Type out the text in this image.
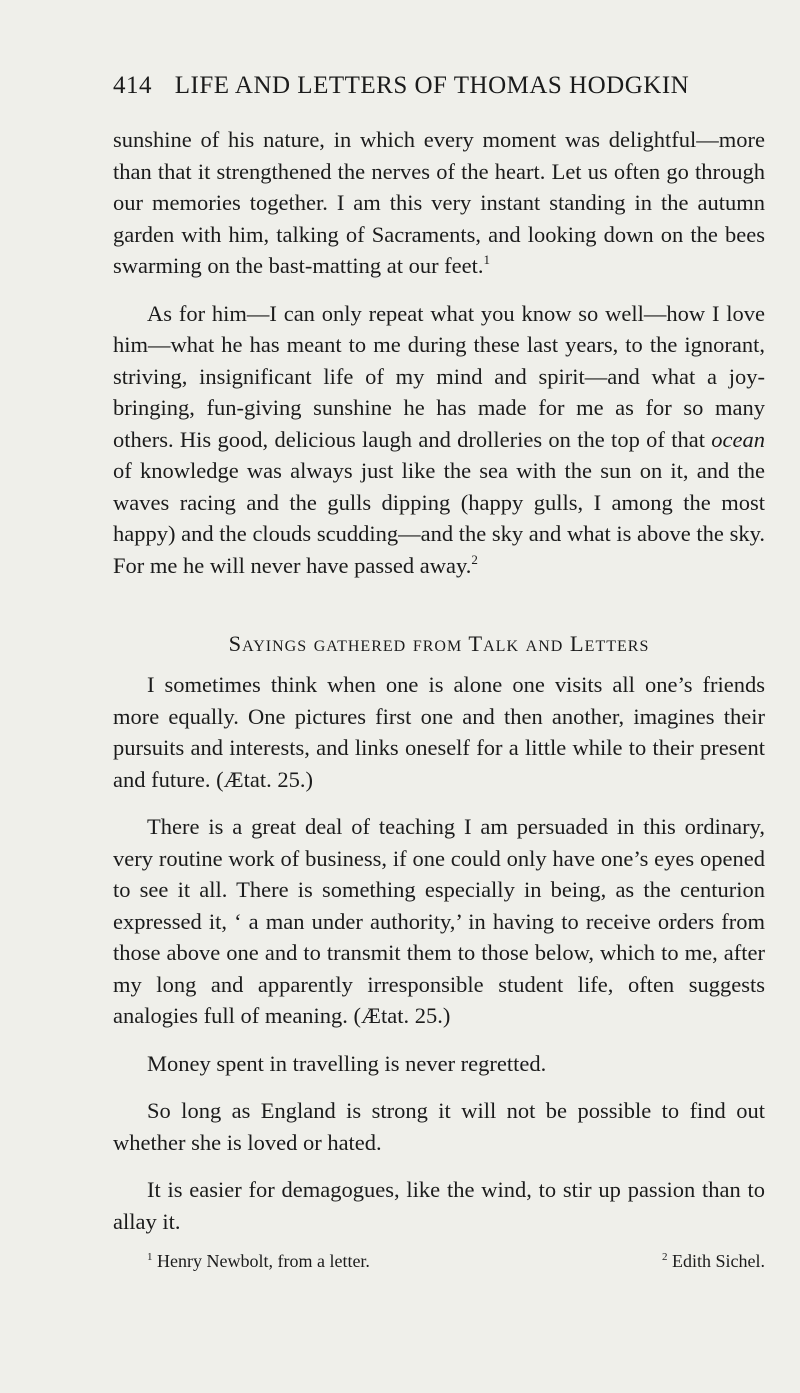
414 LIFE AND LETTERS OF THOMAS HODGKIN

sunshine of his nature, in which every moment was delightful—more than that it strengthened the nerves of the heart. Let us often go through our memories together. I am this very instant standing in the autumn garden with him, talking of Sacraments, and looking down on the bees swarming on the bast-matting at our feet.$^1$

As for him—I can only repeat what you know so well—how I love him—what he has meant to me during these last years, to the ignorant, striving, insignificant life of my mind and spirit—and what a joy-bringing, fun-giving sunshine he has made for me as for so many others. His good, delicious laugh and drolleries on the top of that ocean of knowledge was always just like the sea with the sun on it, and the waves racing and the gulls dipping (happy gulls, I among the most happy) and the clouds scudding—and the sky and what is above the sky. For me he will never have passed away.$^2$

Sayings gathered from Talk and Letters

I sometimes think when one is alone one visits all one’s friends more equally. One pictures first one and then another, imagines their pursuits and interests, and links oneself for a little while to their present and future. (Ætat. 25.)

There is a great deal of teaching I am persuaded in this ordinary, very routine work of business, if one could only have one’s eyes opened to see it all. There is something especially in being, as the centurion expressed it, ‘ a man under authority,’ in having to receive orders from those above one and to transmit them to those below, which to me, after my long and apparently irresponsible student life, often suggests analogies full of meaning. (Ætat. 25.)

Money spent in travelling is never regretted.

So long as England is strong it will not be possible to find out whether she is loved or hated.

It is easier for demagogues, like the wind, to stir up passion than to allay it.

$^1$ Henry Newbolt, from a letter.	$^2$ Edith Sichel.
